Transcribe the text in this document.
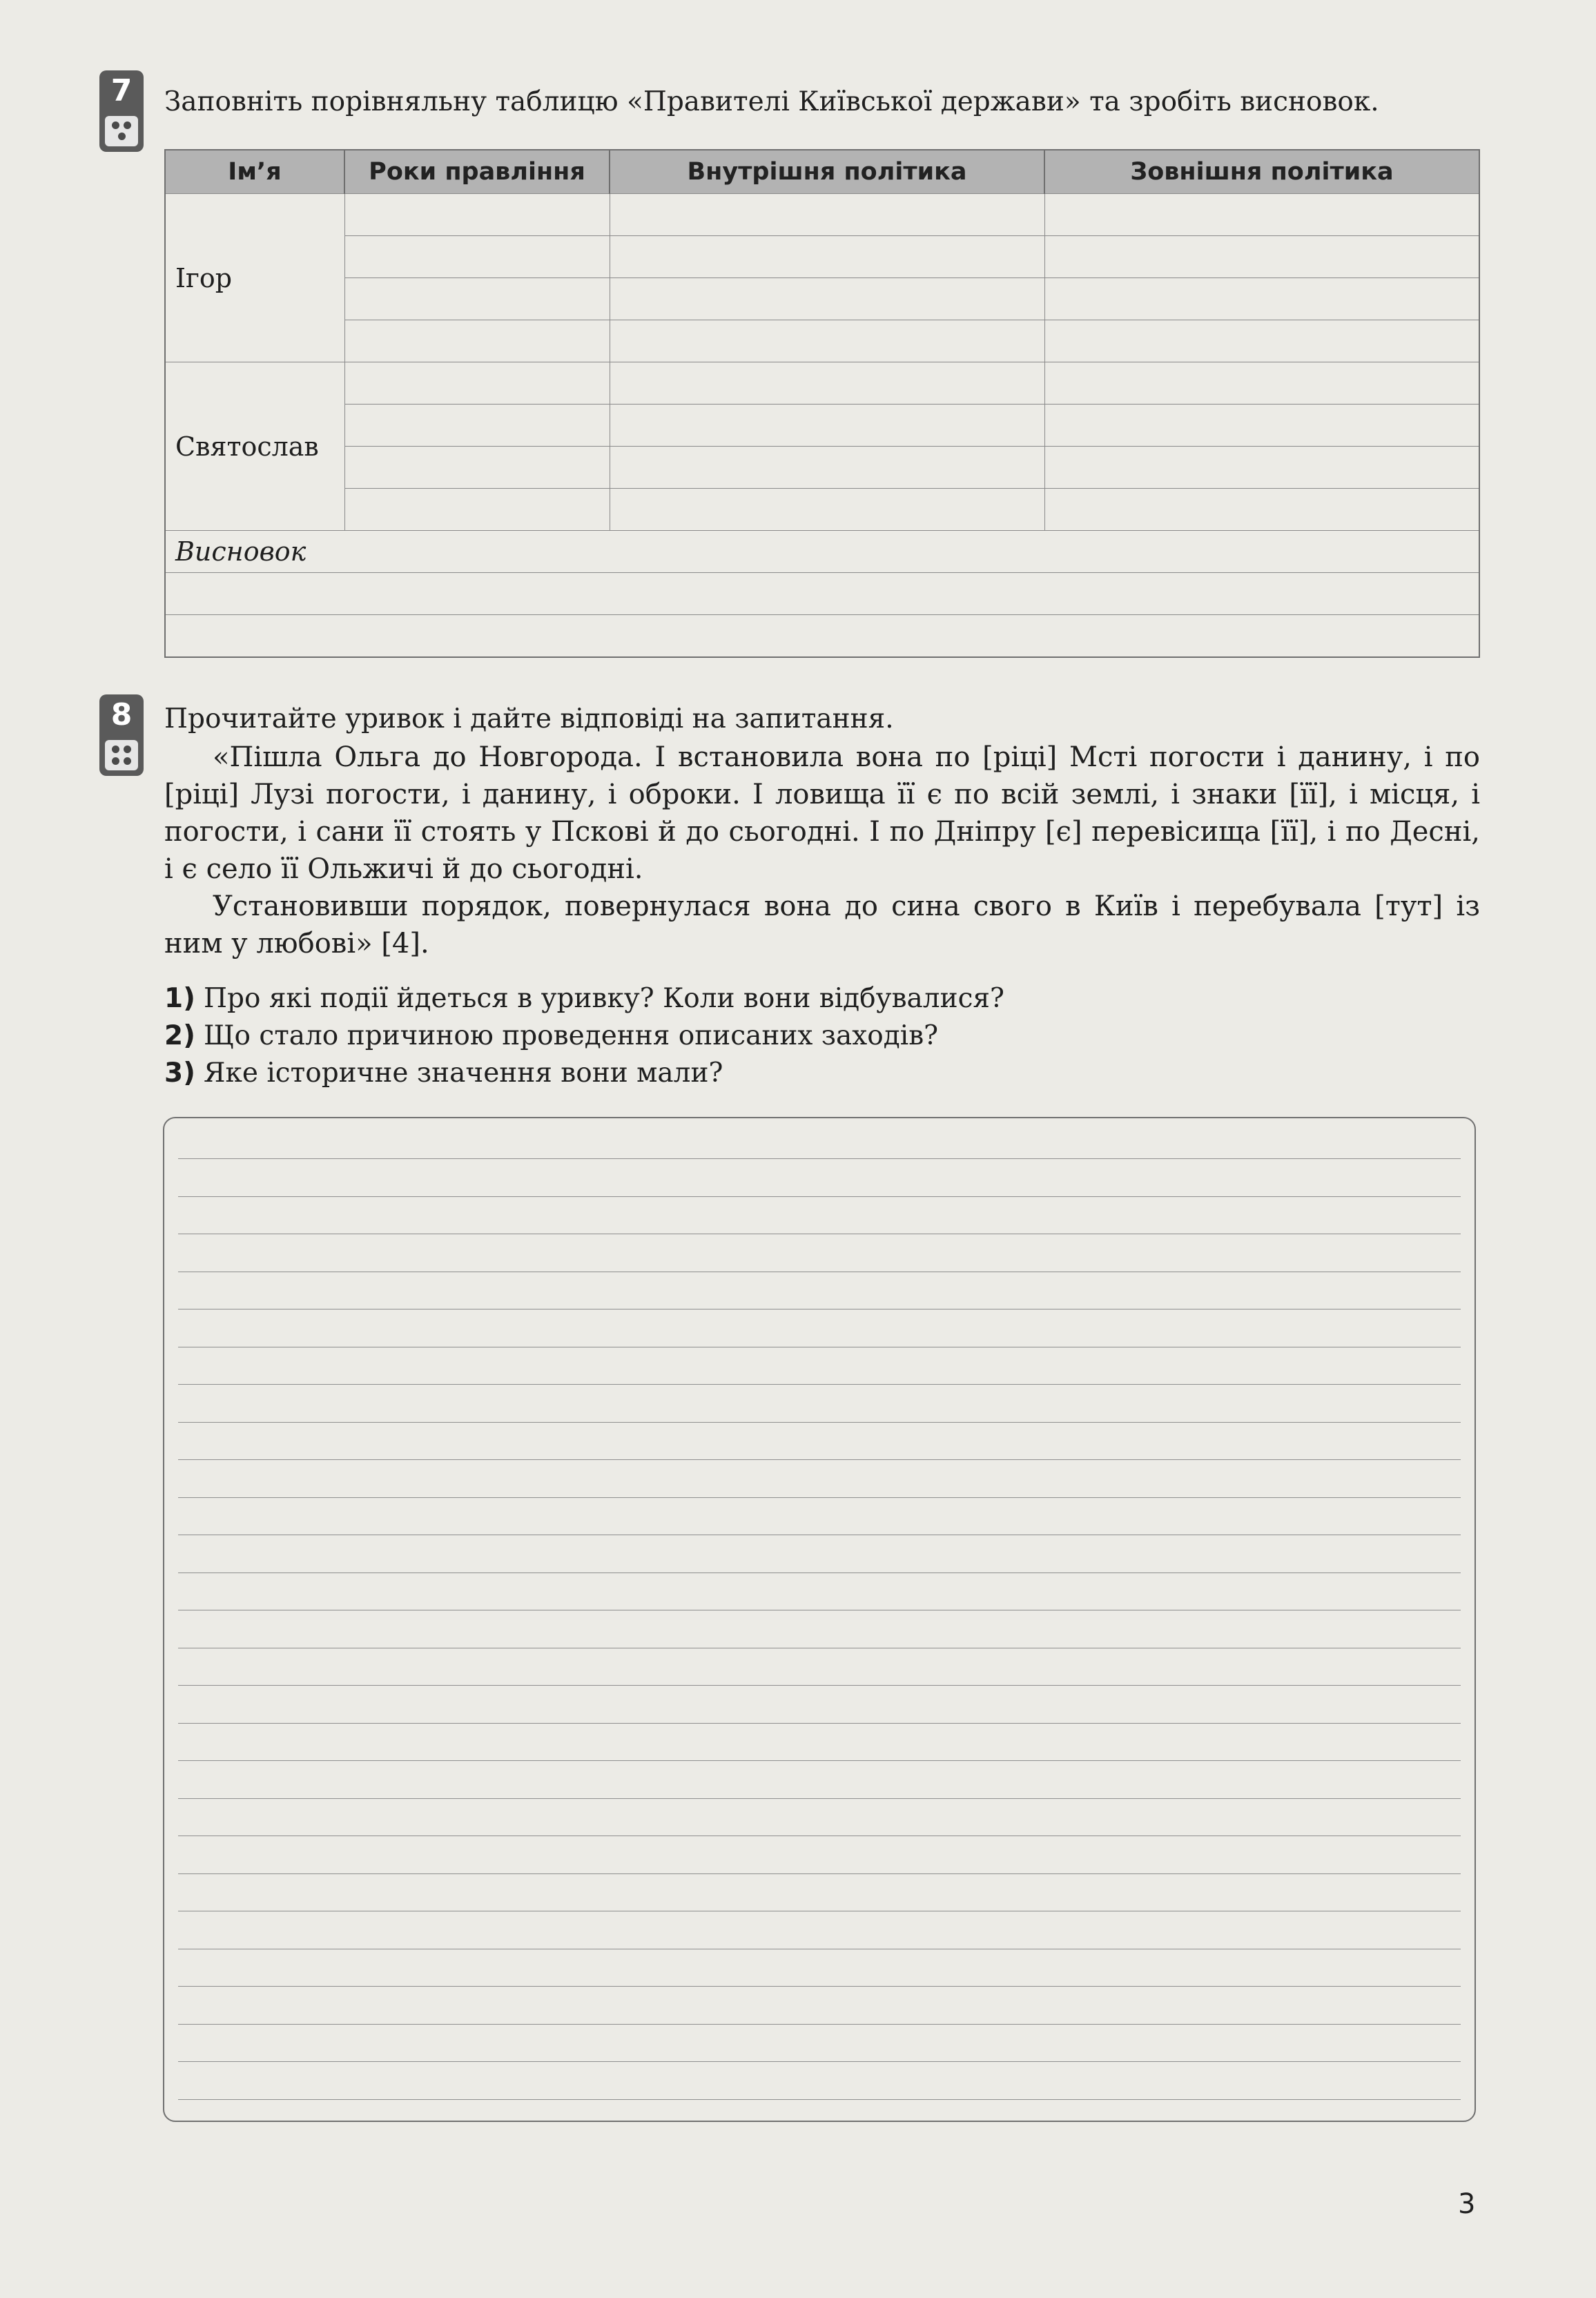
7	Заповніть порівняльну таблицю «Правителі Київської держави» та зробіть висновок.
Ім’я	Роки правління	Внутрішня політика	Зовнішня політика
Ігор			

Святослав			

Висновок			

8	Прочитайте уривок і дайте відповіді на запитання.

«Пішла Ольга до Новгорода. І встановила вона по [ріці] Мсті погости і данину, і по [ріці] Лузі погости, і данину, і оброки. І ловища її є по всій землі, і знаки [її], і місця, і погости, і сани її стоять у Пскові й до сьогодні. І по Дніпру [є] перевісища [її], і по Десні, і є село її Ольжичі й до сьогодні.

Установивши порядок, повернулася вона до сина свого в Київ і перебувала [тут] із ним у любові» [4].

1) Про які події йдеться в уривку? Коли вони відбувалися?
2) Що стало причиною проведення описаних заходів?
3) Яке історичне значення вони мали?
3
